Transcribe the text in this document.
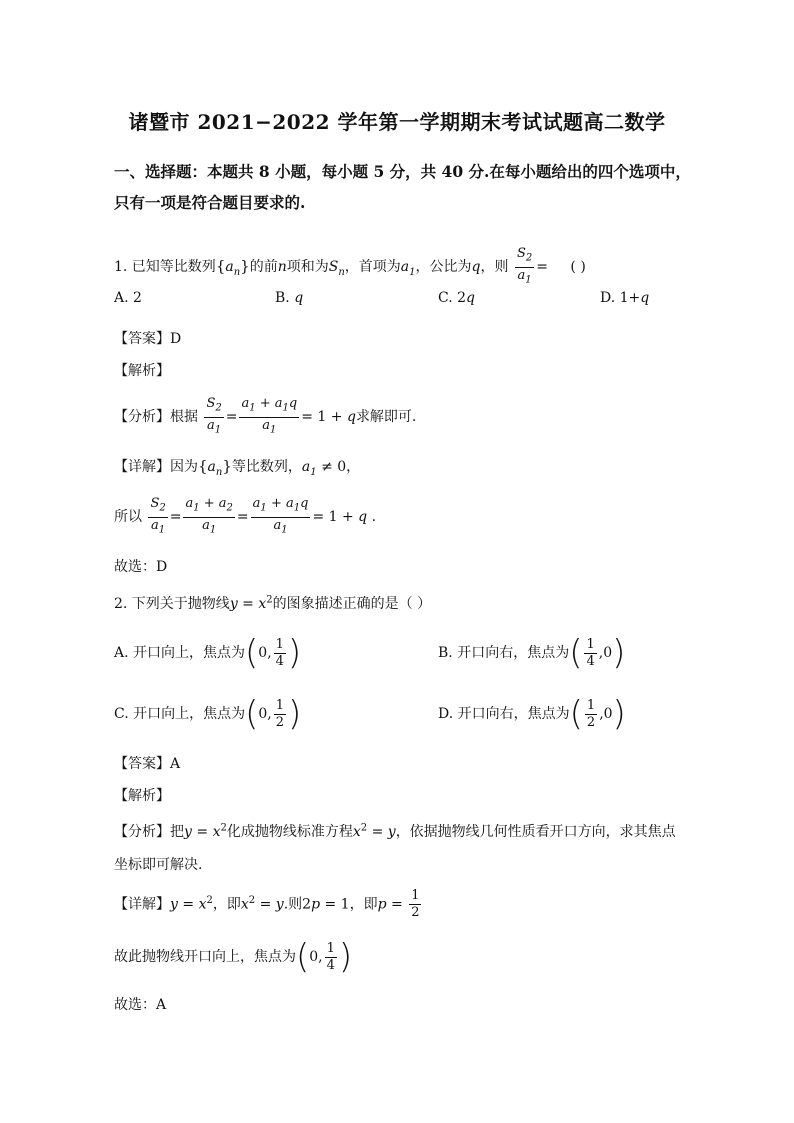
诸暨市 2021−2022 学年第一学期期末考试试题高二数学
一、选择题：本题共 8 小题，每小题 5 分，共 40 分.在每小题给出的四个选项中，
只有一项是符合题目要求的.
1. 已知等比数列$\{a_n\}$的前n项和为$S_n$，首项为$a_1$，公比为q，则 $\frac{S_2}{a_1}$ = ( )
A. 2	B. q	C. 2q	D. 1+q
【答案】D
【解析】
【分析】根据 $\frac{S_2}{a_1} = \frac{a_1 + a_1q}{a_1} = 1 + q$求解即可.
【详解】因为$\{a_n\}$等比数列，$a_1 \ne 0$，
所以 $\frac{S_2}{a_1} = \frac{a_1 + a_2}{a_1} = \frac{a_1 + a_1q}{a_1} = 1 + q$ .
故选：D
2. 下列关于抛物线$y = x^2$的图象描述正确的是（ ）
A. 开口向上，焦点为(0, $\frac{1}{4}$ )	B. 开口向右，焦点为( $\frac{1}{4} ,0$)
C. 开口向上，焦点为(0, $\frac{1}{2}$ )	D. 开口向右，焦点为( $\frac{1}{2} ,0$)
【答案】A
【解析】
【分析】把$y = x^2$化成抛物线标准方程$x^2 = y$，依据抛物线几何性质看开口方向，求其焦点
坐标即可解决.
【详解】$y = x^2$，即$x^2 = y$.则2p = 1，即$p = \frac{1}{2}$
故此抛物线开口向上，焦点为(0, $\frac{1}{4}$ )
故选：A
